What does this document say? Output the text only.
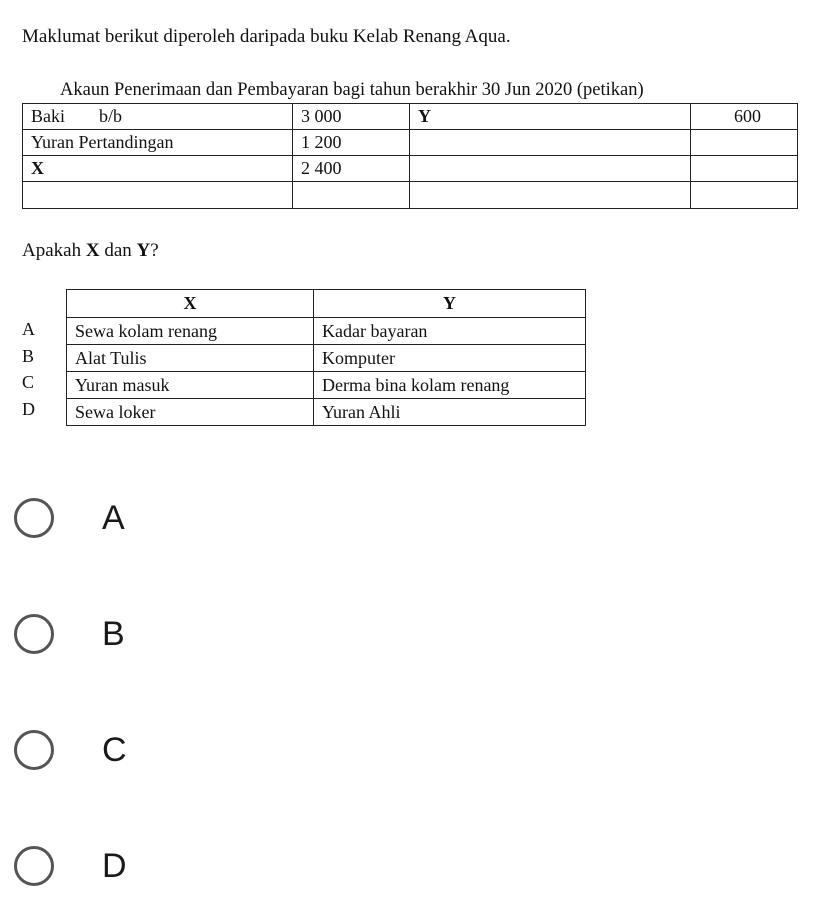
Maklumat berikut diperoleh daripada buku Kelab Renang Aqua.

Akaun Penerimaan dan Pembayaran bagi tahun berakhir 30 Jun 2020 (petikan)

Baki b/b	3 000	Y	600
Yuran Pertandingan	1 200		
X	2 400		

Apakah X dan Y?

A
B
C
D
X	Y
Sewa kolam renang	Kadar bayaran
Alat Tulis	Komputer
Yuran masuk	Derma bina kolam renang
Sewa loker	Yuran Ahli
A
B
C
D
